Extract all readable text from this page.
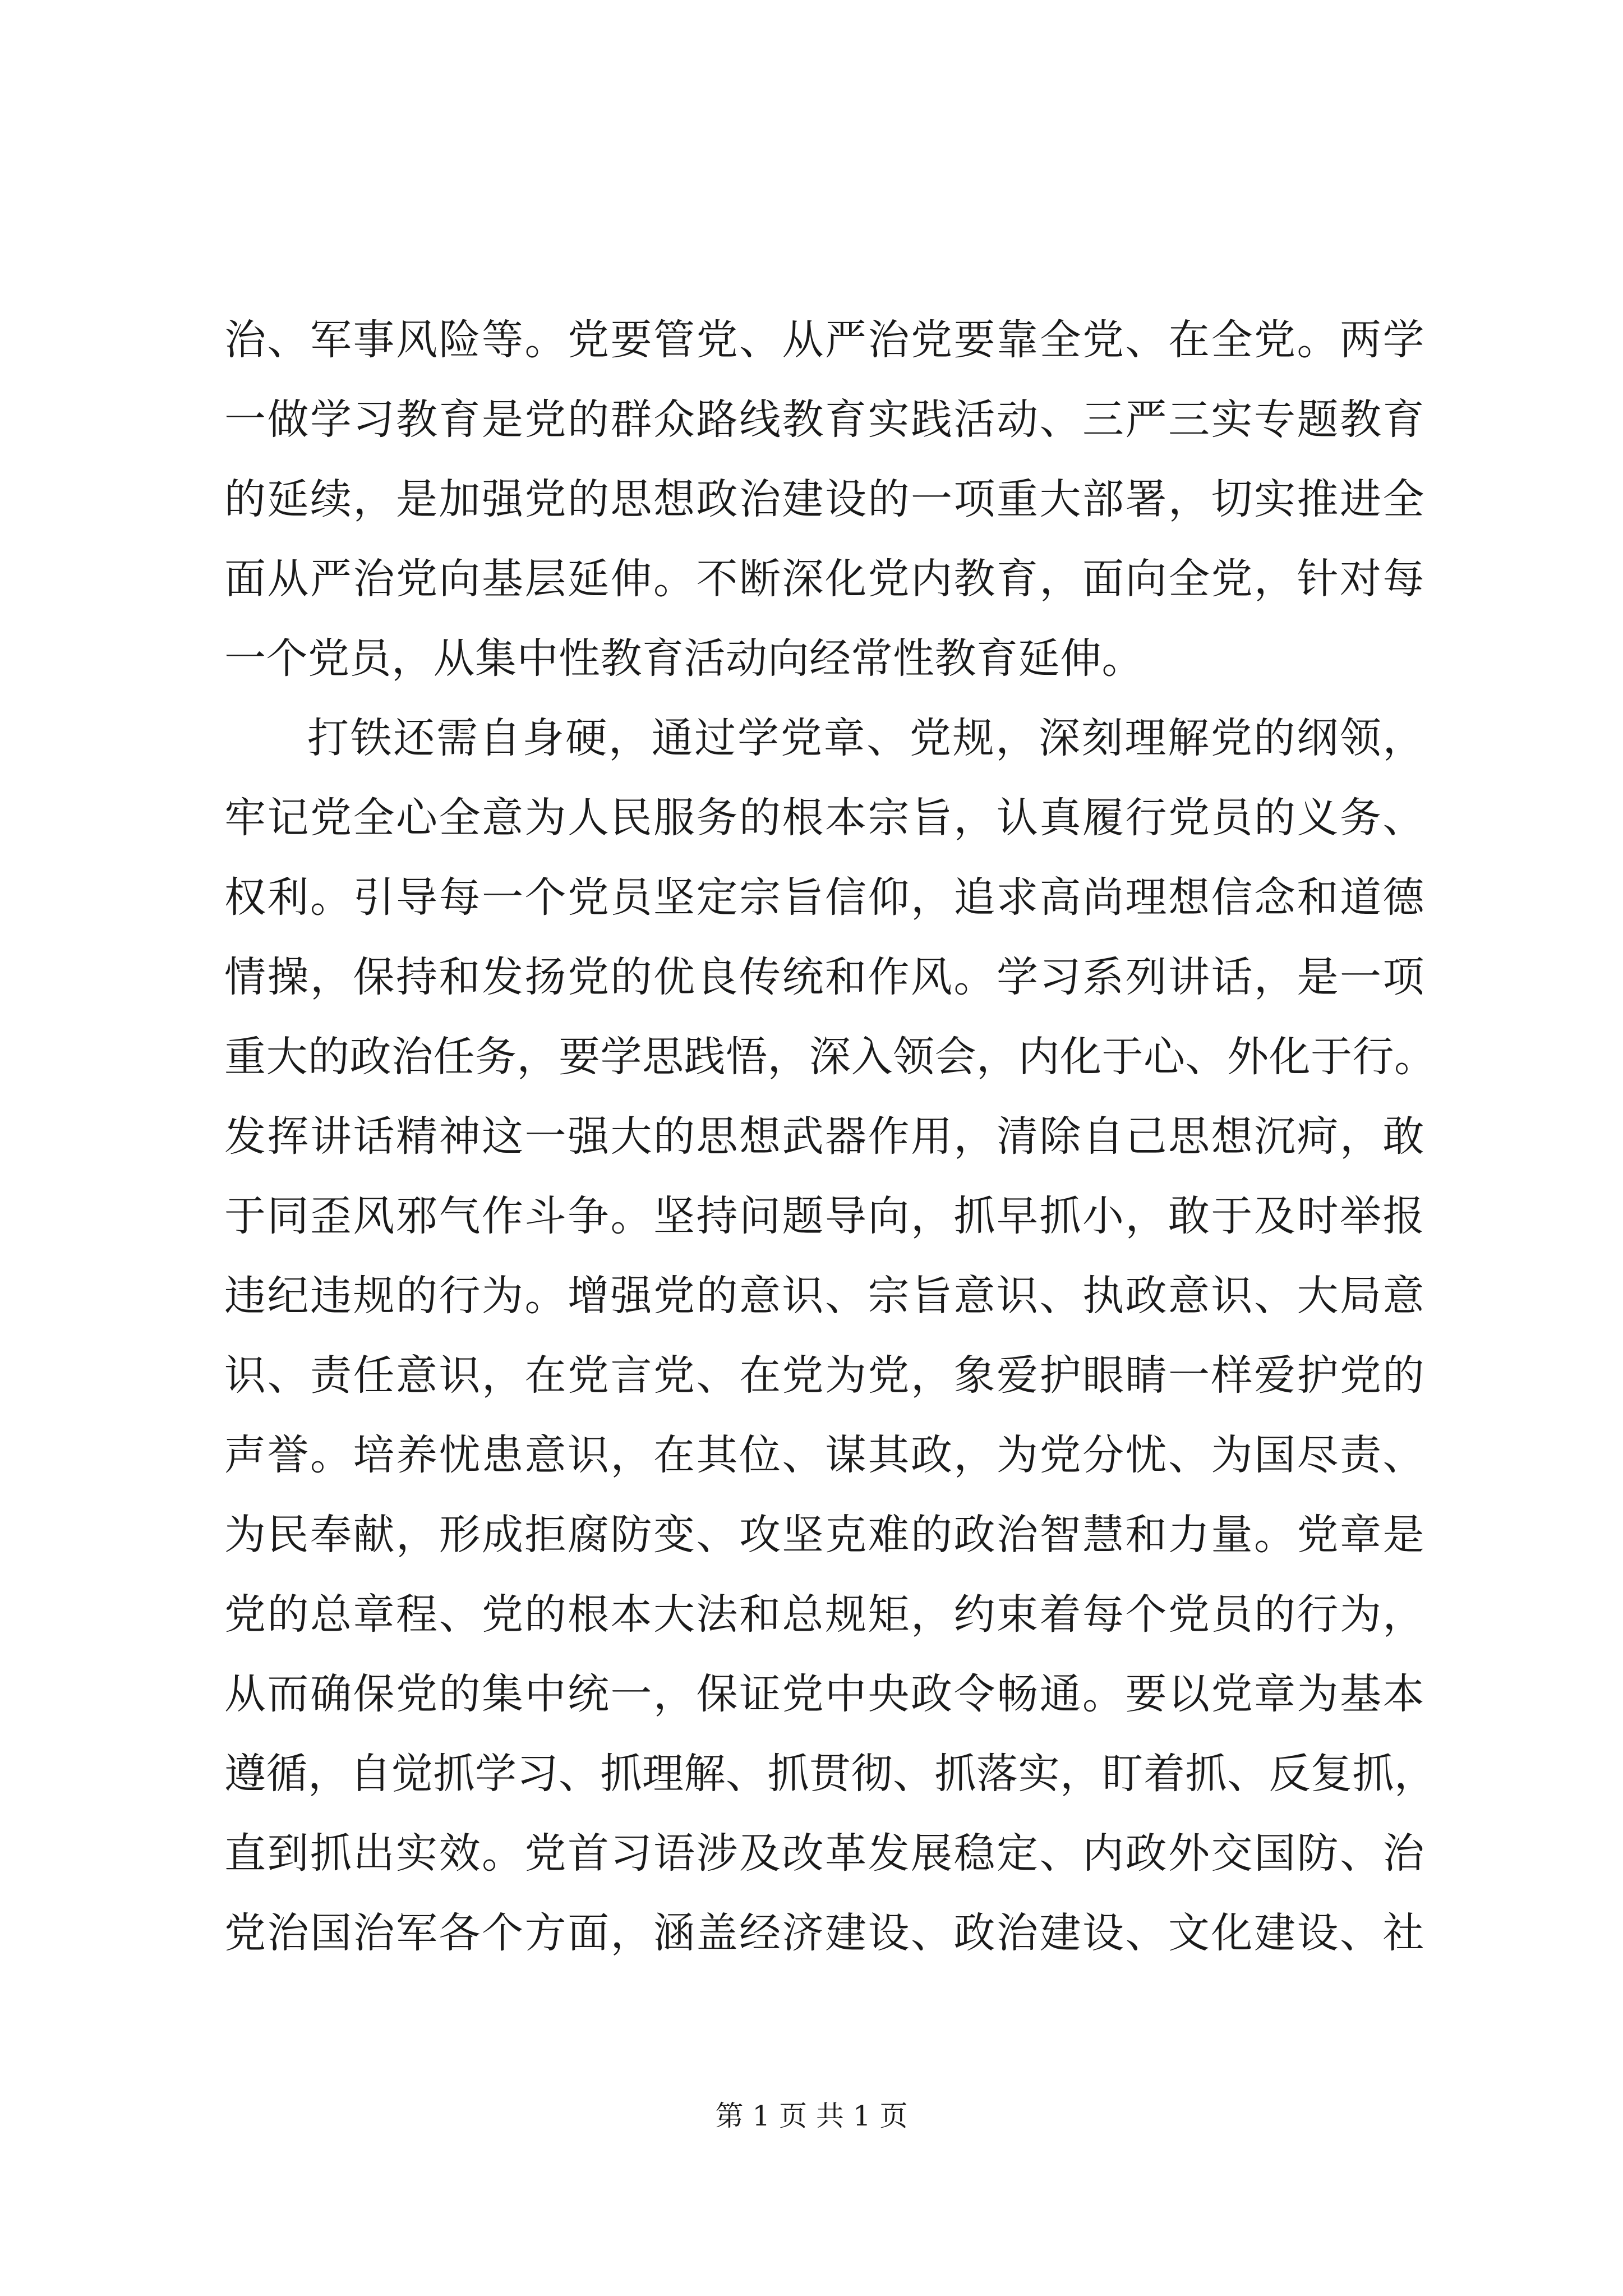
治、军事风险等。党要管党、从严治党要靠全党、在全党。两学
一做学习教育是党的群众路线教育实践活动、三严三实专题教育
的延续，是加强党的思想政治建设的一项重大部署，切实推进全
面从严治党向基层延伸。不断深化党内教育，面向全党，针对每
一个党员，从集中性教育活动向经常性教育延伸。
打铁还需自身硬，通过学党章、党规，深刻理解党的纲领，
牢记党全心全意为人民服务的根本宗旨，认真履行党员的义务、
权利。引导每一个党员坚定宗旨信仰，追求高尚理想信念和道德
情操，保持和发扬党的优良传统和作风。学习系列讲话，是一项
重大的政治任务，要学思践悟，深入领会，内化于心、外化于行。
发挥讲话精神这一强大的思想武器作用，清除自己思想沉疴，敢
于同歪风邪气作斗争。坚持问题导向，抓早抓小，敢于及时举报
违纪违规的行为。增强党的意识、宗旨意识、执政意识、大局意
识、责任意识，在党言党、在党为党，象爱护眼睛一样爱护党的
声誉。培养忧患意识，在其位、谋其政，为党分忧、为国尽责、
为民奉献，形成拒腐防变、攻坚克难的政治智慧和力量。党章是
党的总章程、党的根本大法和总规矩，约束着每个党员的行为，
从而确保党的集中统一，保证党中央政令畅通。要以党章为基本
遵循，自觉抓学习、抓理解、抓贯彻、抓落实，盯着抓、反复抓，
直到抓出实效。党首习语涉及改革发展稳定、内政外交国防、治
党治国治军各个方面，涵盖经济建设、政治建设、文化建设、社
第 1 页 共 1 页
